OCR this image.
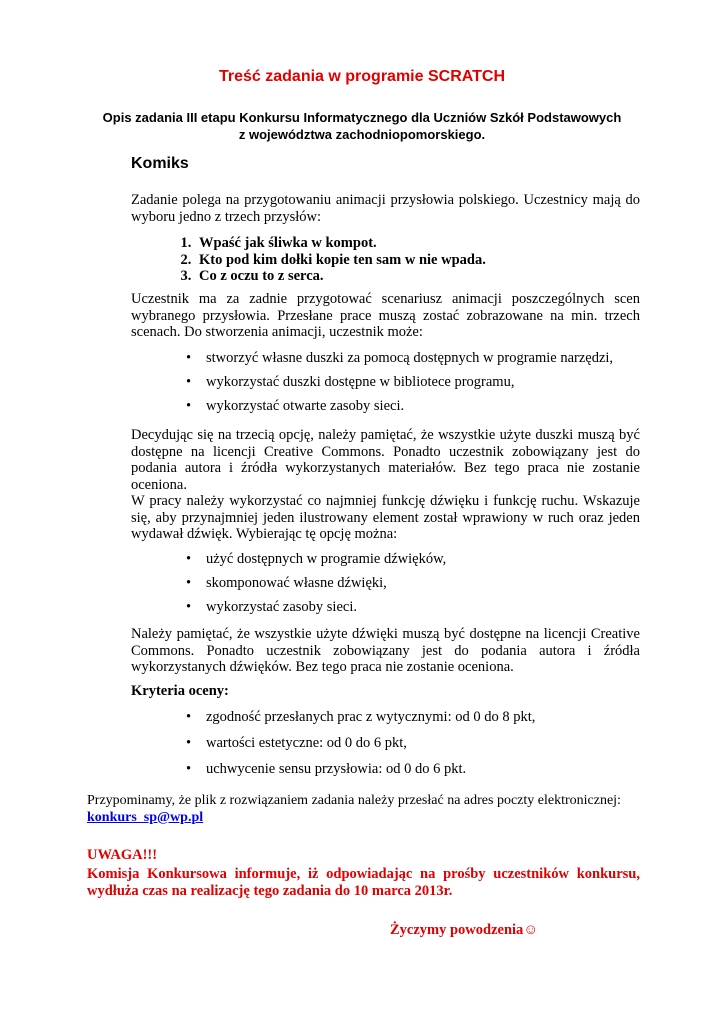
Treść zadania w programie SCRATCH
Opis zadania III etapu Konkursu Informatycznego dla Uczniów Szkół Podstawowych
z województwa zachodniopomorskiego.
Komiks

Zadanie polega na przygotowaniu animacji przysłowia polskiego. Uczestnicy mają do wyboru jedno z trzech przysłów:

1. Wpaść jak śliwka w kompot.
2. Kto pod kim dołki kopie ten sam w nie wpada.
3. Co z oczu to z serca.

Uczestnik ma za zadnie przygotować scenariusz animacji poszczególnych scen wybranego przysłowia. Przesłane prace muszą zostać zobrazowane na min. trzech scenach. Do stworzenia animacji, uczestnik może:

• stworzyć własne duszki za pomocą dostępnych w programie narzędzi,
• wykorzystać duszki dostępne w bibliotece programu,
• wykorzystać otwarte zasoby sieci.

Decydując się na trzecią opcję, należy pamiętać, że wszystkie użyte duszki muszą być dostępne na licencji Creative Commons. Ponadto uczestnik zobowiązany jest do podania autora i źródła wykorzystanych materiałów. Bez tego praca nie zostanie oceniona.

W pracy należy wykorzystać co najmniej funkcję dźwięku i funkcję ruchu. Wskazuje się, aby przynajmniej jeden ilustrowany element został wprawiony w ruch oraz jeden wydawał dźwięk. Wybierając tę opcję można:

• użyć dostępnych w programie dźwięków,
• skomponować własne dźwięki,
• wykorzystać zasoby sieci.

Należy pamiętać, że wszystkie użyte dźwięki muszą być dostępne na licencji Creative Commons. Ponadto uczestnik zobowiązany jest do podania autora i źródła wykorzystanych dźwięków. Bez tego praca nie zostanie oceniona.

Kryteria oceny:
• zgodność przesłanych prac z wytycznymi: od 0 do 8 pkt,
• wartości estetyczne: od 0 do 6 pkt,
• uchwycenie sensu przysłowia: od 0 do 6 pkt.
Przypominamy, że plik z rozwiązaniem zadania należy przesłać na adres poczty elektronicznej:
konkurs_sp@wp.pl
UWAGA!!!
Komisja Konkursowa informuje, iż odpowiadając na prośby uczestników konkursu, wydłuża czas na realizację tego zadania do 10 marca 2013r.
Życzymy powodzenia☺
